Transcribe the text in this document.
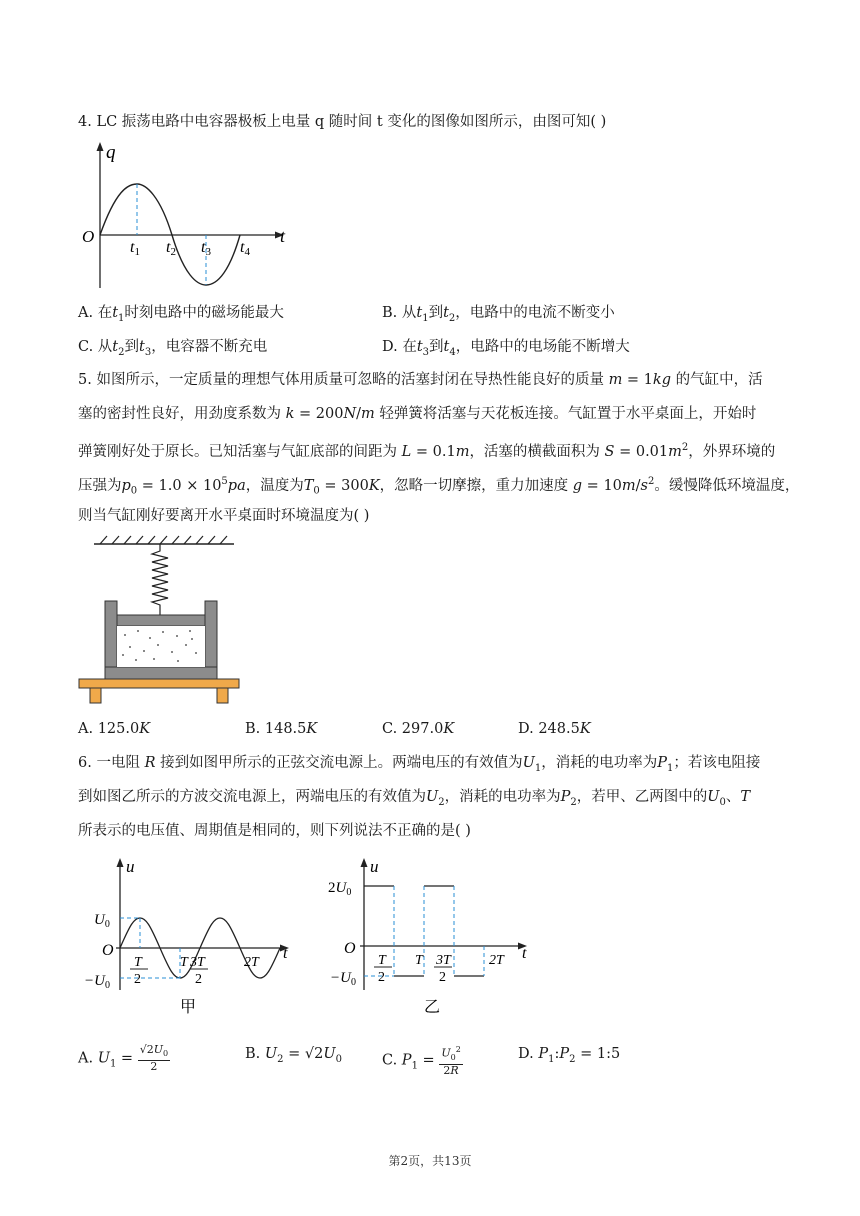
4. LC 振荡电路中电容器极板上电量 q 随时间 t 变化的图像如图所示，由图可知( )
q
t
O
t1 t2 t3 t4
A. 在$t_1$时刻电路中的磁场能最大	B. 从$t_1$到$t_2$，电路中的电流不断变小
C. 从$t_2$到$t_3$，电容器不断充电	D. 在$t_3$到$t_4$，电路中的电场能不断增大
5. 如图所示，一定质量的理想气体用质量可忽略的活塞封闭在导热性能良好的质量 m = 1kg 的气缸中，活
塞的密封性良好，用劲度系数为 k = 200N/m 轻弹簧将活塞与天花板连接。气缸置于水平桌面上，开始时
弹簧刚好处于原长。已知活塞与气缸底部的间距为 L = 0.1m，活塞的横截面积为 $S = 0.01m^2$，外界环境的
压强为$p_0 = 1.0 \times 10^5pa$，温度为$T_0 = 300K$，忽略一切摩擦，重力加速度 $g = 10m/s^2$。缓慢降低环境温度，
则当气缸刚好要离开水平桌面时环境温度为( )
A. 125.0K	B. 148.5K	C. 297.0K	D. 248.5K
6. 一电阻 R 接到如图甲所示的正弦交流电源上。两端电压的有效值为$U_1$，消耗的电功率为$P_1$；若该电阻接
到如图乙所示的方波交流电源上，两端电压的有效值为$U_2$，消耗的电功率为$P_2$，若甲、乙两图中的$U_0$、T
所表示的电压值、周期值是相同的，则下列说法不正确的是( )
u
t
O
$U_0$
$-U_0$
T
2
T 3T
2
2T
甲
u
t
O
$2U_0$
$-U_0$
T
2
T 3T
2
2T
乙
A. $U_1 = \frac{√2U_0}{2}$	B. $U_2 = √2U_0$	C. $P_1 = \frac{U_0^2}{2R}$	D. $P_1:P_2$ = 1:5
第2页，共13页
